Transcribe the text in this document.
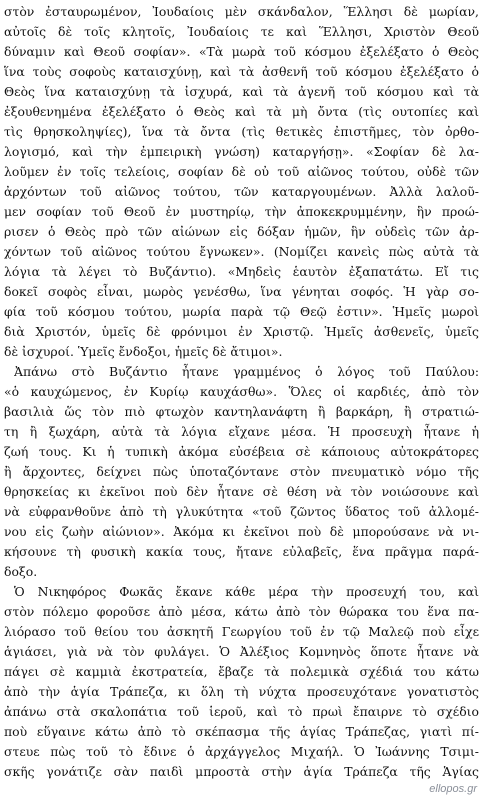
στὸν ἐσταυρωμένον, Ἰουδαίοις μὲν σκάνδαλον, Ἕλλησι δὲ μωρίαν,
αὐτοῖς δὲ τοῖς κλητοῖς, Ἰουδαίοις τε καὶ Ἕλλησι, Χριστὸν Θεοῦ
δύναμιν καὶ Θεοῦ σοφίαν». «Τὰ μωρὰ τοῦ κόσμου ἐξελέξατο ὁ Θεὸς
ἵνα τοὺς σοφοὺς καταισχύνῃ, καὶ τὰ ἀσθενῆ τοῦ κόσμου ἐξελέξατο ὁ
Θεὸς ἵνα καταισχύνῃ τὰ ἰσχυρά, καὶ τὰ ἀγενῆ τοῦ κόσμου καὶ τὰ
ἐξουθενημένα ἐξελέξατο ὁ Θεὸς καὶ τὰ μὴ ὄντα (τὶς ουτοπίες καὶ
τὶς θρησκοληψίες), ἵνα τὰ ὄντα (τὶς θετικὲς ἐπιστῆμες, τὸν ὀρθο-
λογισμό, καὶ τὴν ἐμπειρικὴ γνώση) καταργήσῃ». «Σοφίαν δὲ λα-
λοῦμεν ἐν τοῖς τελείοις, σοφίαν δὲ οὐ τοῦ αἰῶνος τούτου, οὐδὲ τῶν
ἀρχόντων τοῦ αἰῶνος τούτου, τῶν καταργουμένων. Ἀλλὰ λαλοῦ-
μεν σοφίαν τοῦ Θεοῦ ἐν μυστηρίῳ, τὴν ἀποκεκρυμμένην, ἣν προώ-
ρισεν ὁ Θεὸς πρὸ τῶν αἰώνων εἰς δόξαν ἡμῶν, ἣν οὐδεὶς τῶν ἀρ-
χόντων τοῦ αἰῶνος τούτου ἔγνωκεν». (Νομίζει κανεὶς πὼς αὐτὰ τὰ
λόγια τὰ λέγει τὸ Βυζάντιο). «Μηδεὶς ἑαυτὸν ἐξαπατάτω. Εἴ τις
δοκεῖ σοφὸς εἶναι, μωρὸς γενέσθω, ἵνα γένηται σοφός. Ἡ γὰρ σο-
φία τοῦ κόσμου τούτου, μωρία παρὰ τῷ Θεῷ ἐστιν». Ἡμεῖς μωροὶ
διὰ Χριστόν, ὑμεῖς δὲ φρόνιμοι ἐν Χριστῷ. Ἡμεῖς ἀσθενεῖς, ὑμεῖς
δὲ ἰσχυροί. Ὑμεῖς ἔνδοξοι, ἡμεῖς δὲ ἄτιμοι».
Ἀπάνω στὸ Βυζάντιο ἦτανε γραμμένος ὁ λόγος τοῦ Παύλου:
«ὁ καυχώμενος, ἐν Κυρίῳ καυχάσθω». Ὅλες οἱ καρδιές, ἀπὸ τὸν
βασιλιὰ ὥς τὸν πιὸ φτωχὸν καντηλανάφτη ἢ βαρκάρη, ἢ στρατιώ-
τη ἢ ξωχάρη, αὐτὰ τὰ λόγια εἴχανε μέσα. Ἡ προσευχὴ ἦτανε ἡ
ζωή τους. Κι ἡ τυπικὴ ἀκόμα εὐσέβεια σὲ κάποιους αὐτοκράτορες
ἢ ἄρχοντες, δείχνει πὼς ὑποταζόντανε στὸν πνευματικὸ νόμο τῆς
θρησκείας κι ἐκεῖνοι ποὺ δὲν ἦτανε σὲ θέση νὰ τὸν νοιώσουνε καὶ
νὰ εὐφρανθοῦνε ἀπὸ τὴ γλυκύτητα «τοῦ ζῶντος ὕδατος τοῦ ἀλλομέ-
νου εἰς ζωὴν αἰώνιον». Ἀκόμα κι ἐκεῖνοι ποὺ δὲ μπορούσανε νὰ νι-
κήσουνε τὴ φυσικὴ κακία τους, ἤτανε εὐλαβεῖς, ἕνα πρᾶγμα παρά-
δοξο.
Ὁ Νικηφόρος Φωκᾶς ἔκανε κάθε μέρα τὴν προσευχή του, καὶ
στὸν πόλεμο φοροῦσε ἀπὸ μέσα, κάτω ἀπὸ τὸν θώρακα του ἕνα πα-
λιόρασο τοῦ θείου του ἀσκητῆ Γεωργίου τοῦ ἐν τῷ Μαλεῷ ποὺ εἶχε
ἁγιάσει, γιὰ νὰ τὸν φυλάγει. Ὁ Ἀλέξιος Κομνηνὸς ὅποτε ἦτανε νὰ
πάγει σὲ καμμιὰ ἐκστρατεία, ἔβαζε τὰ πολεμικὰ σχέδιά του κάτω
ἀπὸ τὴν ἁγία Τράπεζα, κι ὅλη τὴ νύχτα προσευχότανε γονατιστὸς
ἀπάνω στὰ σκαλοπάτια τοῦ ἱεροῦ, καὶ τὸ πρωὶ ἔπαιρνε τὸ σχέδιο
ποὺ εὕγαινε κάτω ἀπὸ τὸ σκέπασμα τῆς ἁγίας Τράπεζας, γιατὶ πί-
στευε πὼς τοῦ τὸ ἔδινε ὁ ἀρχάγγελος Μιχαήλ. Ὁ Ἰωάννης Τσιμι-
σκῆς γονάτιζε σὰν παιδὶ μπροστὰ στὴν ἁγία Τράπεζα τῆς Ἁγίας
ellopos.gr
